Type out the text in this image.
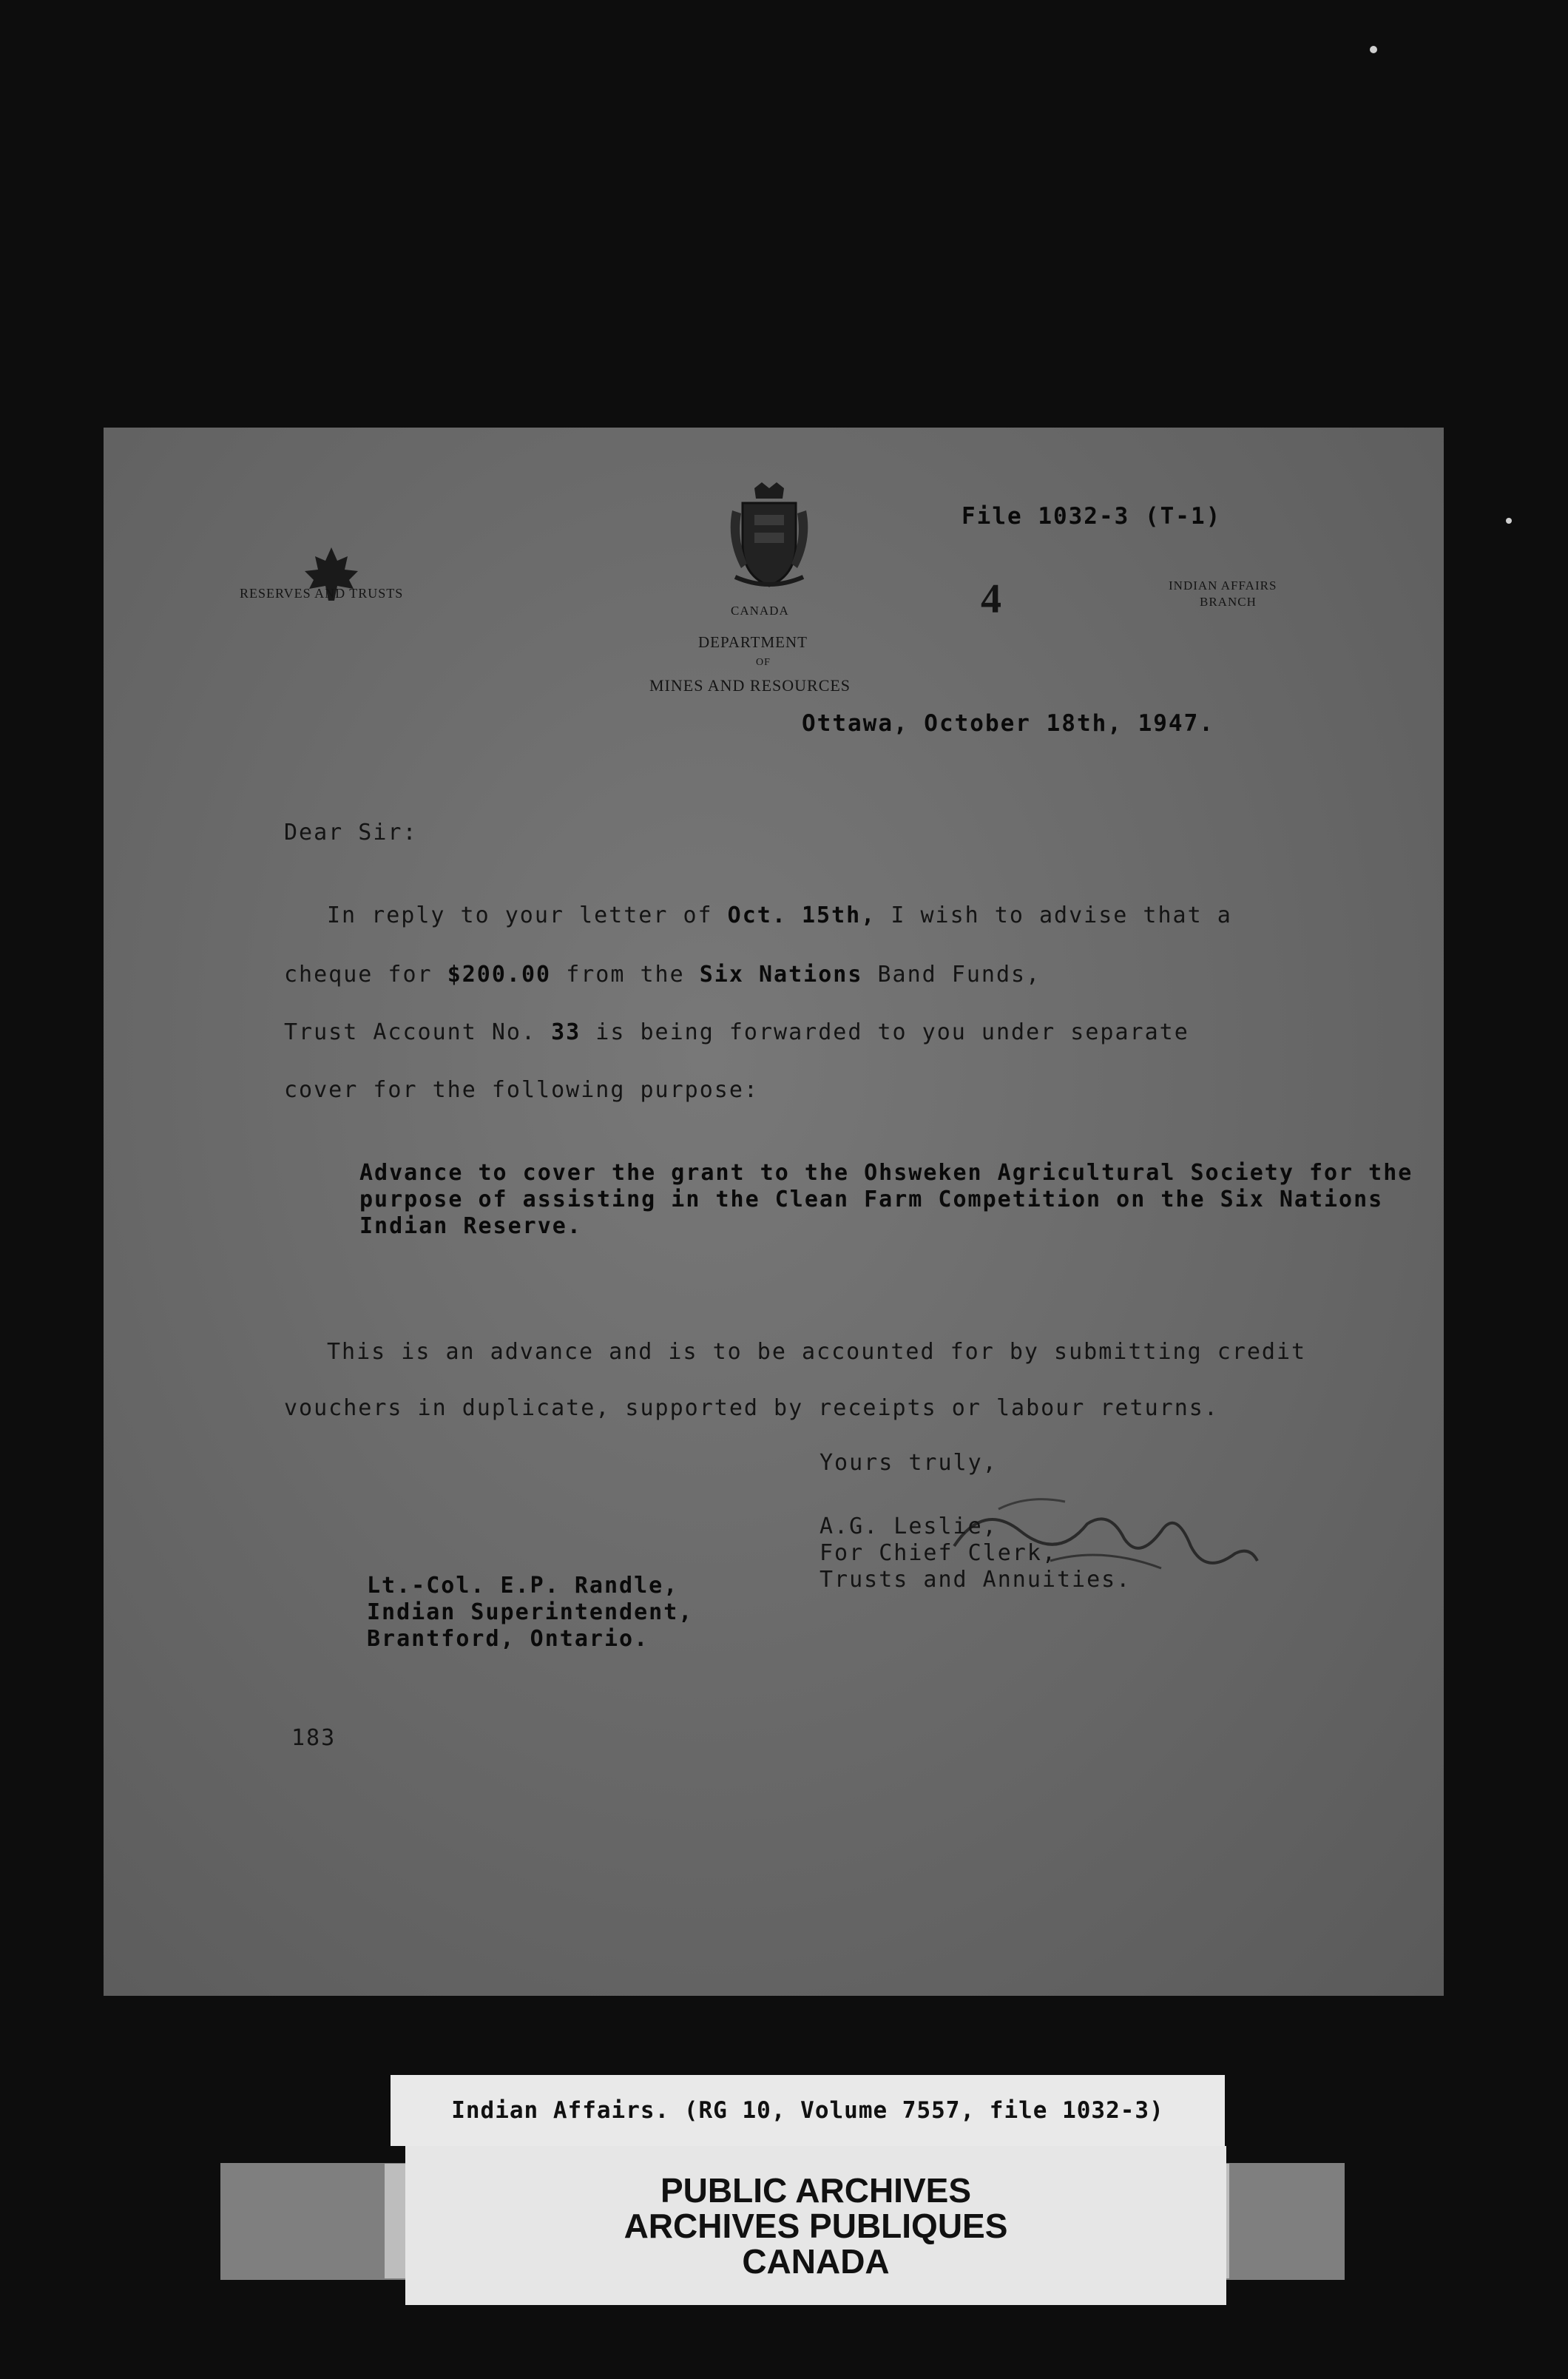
RESERVES AND TRUSTS
CANADA
DEPARTMENT
OF
MINES AND RESOURCES
File 1032-3 (T-1)
4	INDIAN AFFAIRS
BRANCH
Ottawa, October 18th, 1947.
Dear Sir:
In reply to your letter of Oct. 15th, I wish to advise that a
cheque for $200.00 from the Six Nations Band Funds,
Trust Account No. 33 is being forwarded to you under separate
cover for the following purpose:
Advance to cover the grant to the Ohsweken Agricultural Society for the
purpose of assisting in the Clean Farm Competition on the Six Nations
Indian Reserve.
This is an advance and is to be accounted for by submitting credit
vouchers in duplicate, supported by receipts or labour returns.
Yours truly,
A.G. Leslie,
For Chief Clerk,
Trusts and Annuities.
Lt.-Col. E.P. Randle,
Indian Superintendent,
Brantford, Ontario.
183
Indian Affairs. (RG 10, Volume 7557, file 1032-3)
PUBLIC ARCHIVES
ARCHIVES PUBLIQUES
CANADA
